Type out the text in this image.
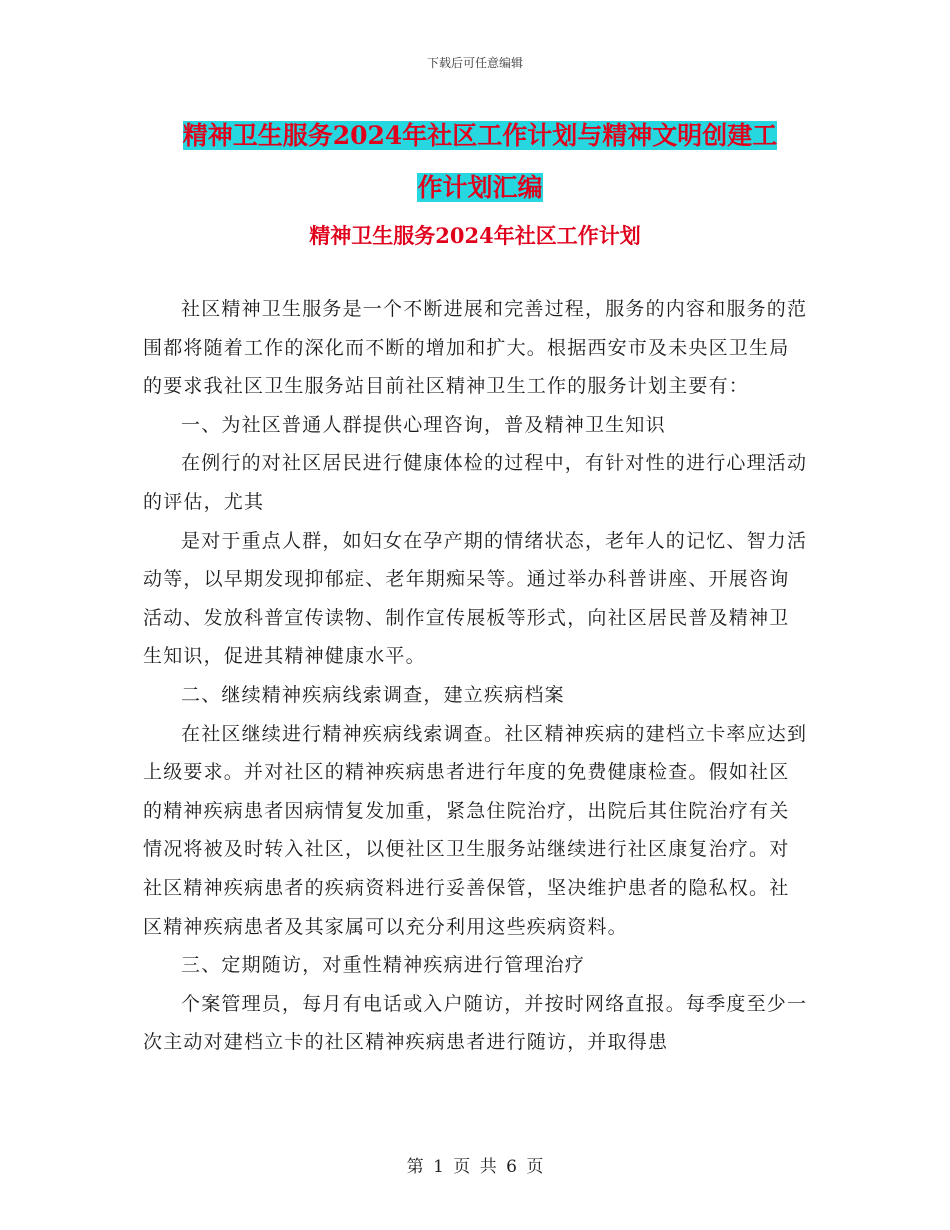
下载后可任意编辑
精神卫生服务2024年社区工作计划与精神文明创建工
作计划汇编
精神卫生服务2024年社区工作计划

社区精神卫生服务是一个不断进展和完善过程，服务的内容和服务的范围都将随着工作的深化而不断的增加和扩大。根据西安市及未央区卫生局的要求我社区卫生服务站目前社区精神卫生工作的服务计划主要有：

一、为社区普通人群提供心理咨询，普及精神卫生知识

在例行的对社区居民进行健康体检的过程中，有针对性的进行心理活动的评估，尤其

是对于重点人群，如妇女在孕产期的情绪状态，老年人的记忆、智力活动等，以早期发现抑郁症、老年期痴呆等。通过举办科普讲座、开展咨询活动、发放科普宣传读物、制作宣传展板等形式，向社区居民普及精神卫生知识，促进其精神健康水平。

二、继续精神疾病线索调查，建立疾病档案

在社区继续进行精神疾病线索调查。社区精神疾病的建档立卡率应达到上级要求。并对社区的精神疾病患者进行年度的免费健康检查。假如社区的精神疾病患者因病情复发加重，紧急住院治疗，出院后其住院治疗有关情况将被及时转入社区，以便社区卫生服务站继续进行社区康复治疗。对社区精神疾病患者的疾病资料进行妥善保管，坚决维护患者的隐私权。社区精神疾病患者及其家属可以充分利用这些疾病资料。

三、定期随访，对重性精神疾病进行管理治疗

个案管理员，每月有电话或入户随访，并按时网络直报。每季度至少一次主动对建档立卡的社区精神疾病患者进行随访，并取得患

第 1 页 共 6 页
